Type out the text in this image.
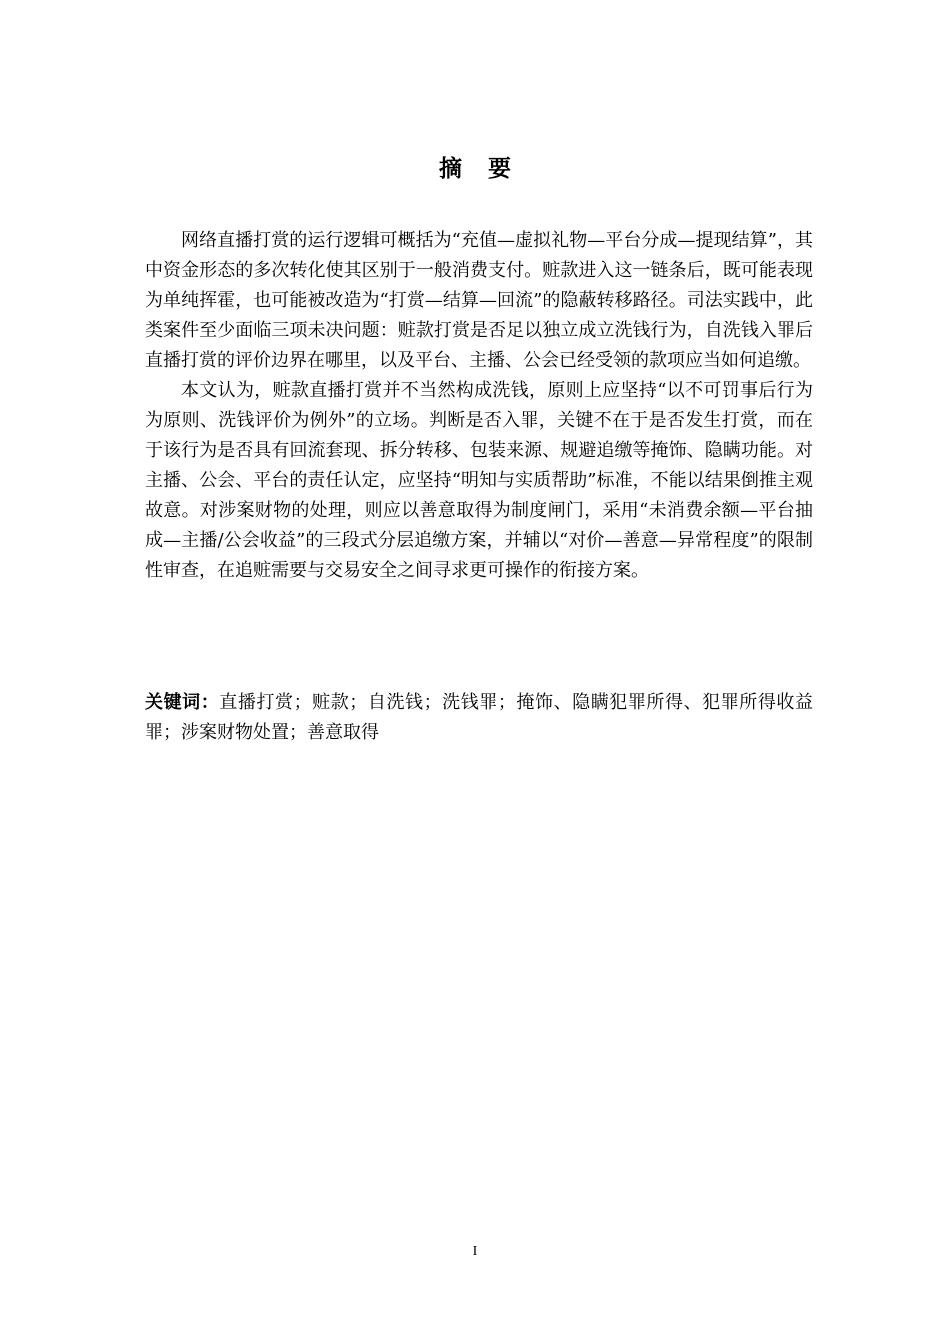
摘 要

网络直播打赏的运行逻辑可概括为“充值—虚拟礼物—平台分成—提现结算”，其中资金形态的多次转化使其区别于一般消费支付。赃款进入这一链条后，既可能表现为单纯挥霍，也可能被改造为“打赏—结算—回流”的隐蔽转移路径。司法实践中，此类案件至少面临三项未决问题：赃款打赏是否足以独立成立洗钱行为，自洗钱入罪后直播打赏的评价边界在哪里，以及平台、主播、公会已经受领的款项应当如何追缴。

本文认为，赃款直播打赏并不当然构成洗钱，原则上应坚持“以不可罚事后行为为原则、洗钱评价为例外”的立场。判断是否入罪，关键不在于是否发生打赏，而在于该行为是否具有回流套现、拆分转移、包装来源、规避追缴等掩饰、隐瞒功能。对主播、公会、平台的责任认定，应坚持“明知与实质帮助”标准，不能以结果倒推主观故意。对涉案财物的处理，则应以善意取得为制度闸门，采用“未消费余额—平台抽成—主播/公会收益”的三段式分层追缴方案，并辅以“对价—善意—异常程度”的限制性审查，在追赃需要与交易安全之间寻求更可操作的衔接方案。

关键词：直播打赏；赃款；自洗钱；洗钱罪；掩饰、隐瞒犯罪所得、犯罪所得收益罪；涉案财物处置；善意取得

I
